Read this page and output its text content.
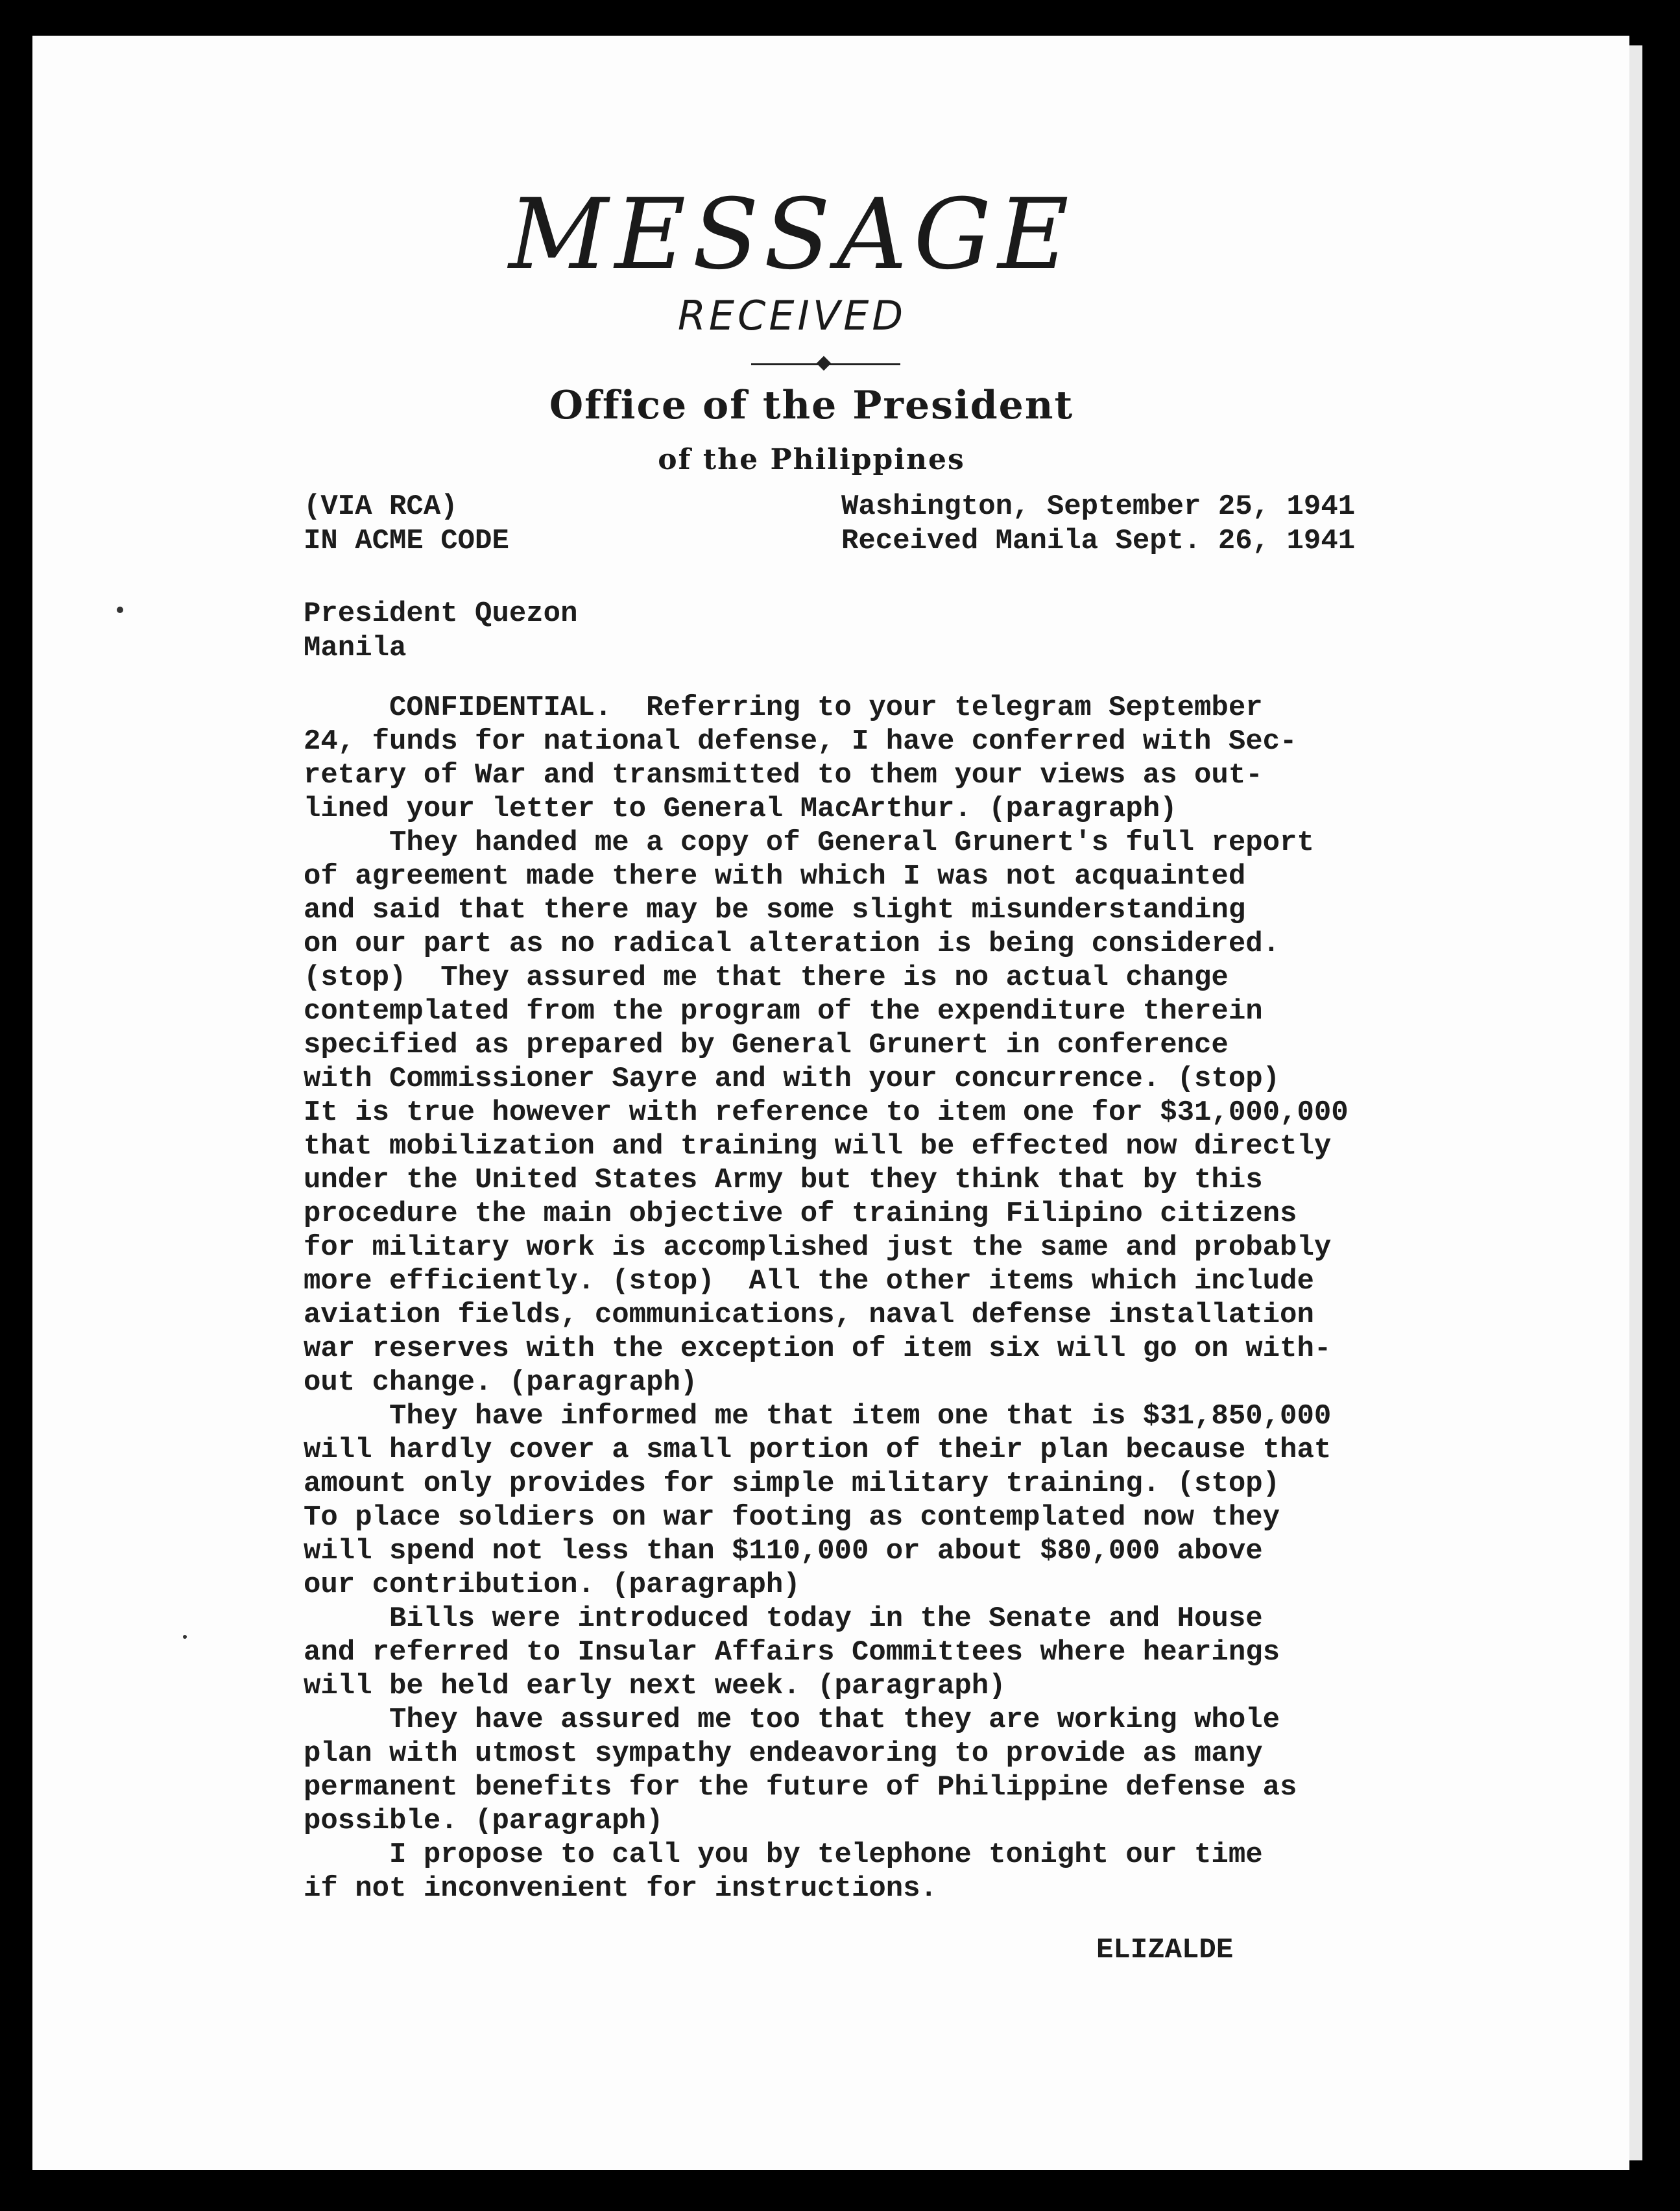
MESSAGE
RECEIVED
Office of the President
of the Philippines
(VIA RCA)
IN ACME CODE
Washington, September 25, 1941
Received Manila Sept. 26, 1941
President Quezon
Manila
CONFIDENTIAL.  Referring to your telegram September
24, funds for national defense, I have conferred with Sec-
retary of War and transmitted to them your views as out-
lined your letter to General MacArthur. (paragraph)
They handed me a copy of General Grunert's full report
of agreement made there with which I was not acquainted
and said that there may be some slight misunderstanding
on our part as no radical alteration is being considered.
(stop)  They assured me that there is no actual change
contemplated from the program of the expenditure therein
specified as prepared by General Grunert in conference
with Commissioner Sayre and with your concurrence. (stop)
It is true however with reference to item one for $31,000,000
that mobilization and training will be effected now directly
under the United States Army but they think that by this
procedure the main objective of training Filipino citizens
for military work is accomplished just the same and probably
more efficiently. (stop)  All the other items which include
aviation fields, communications, naval defense installation
war reserves with the exception of item six will go on with-
out change. (paragraph)
They have informed me that item one that is $31,850,000
will hardly cover a small portion of their plan because that
amount only provides for simple military training. (stop)
To place soldiers on war footing as contemplated now they
will spend not less than $110,000 or about $80,000 above
our contribution. (paragraph)
Bills were introduced today in the Senate and House
and referred to Insular Affairs Committees where hearings
will be held early next week. (paragraph)
They have assured me too that they are working whole
plan with utmost sympathy endeavoring to provide as many
permanent benefits for the future of Philippine defense as
possible. (paragraph)
I propose to call you by telephone tonight our time
if not inconvenient for instructions.
ELIZALDE
